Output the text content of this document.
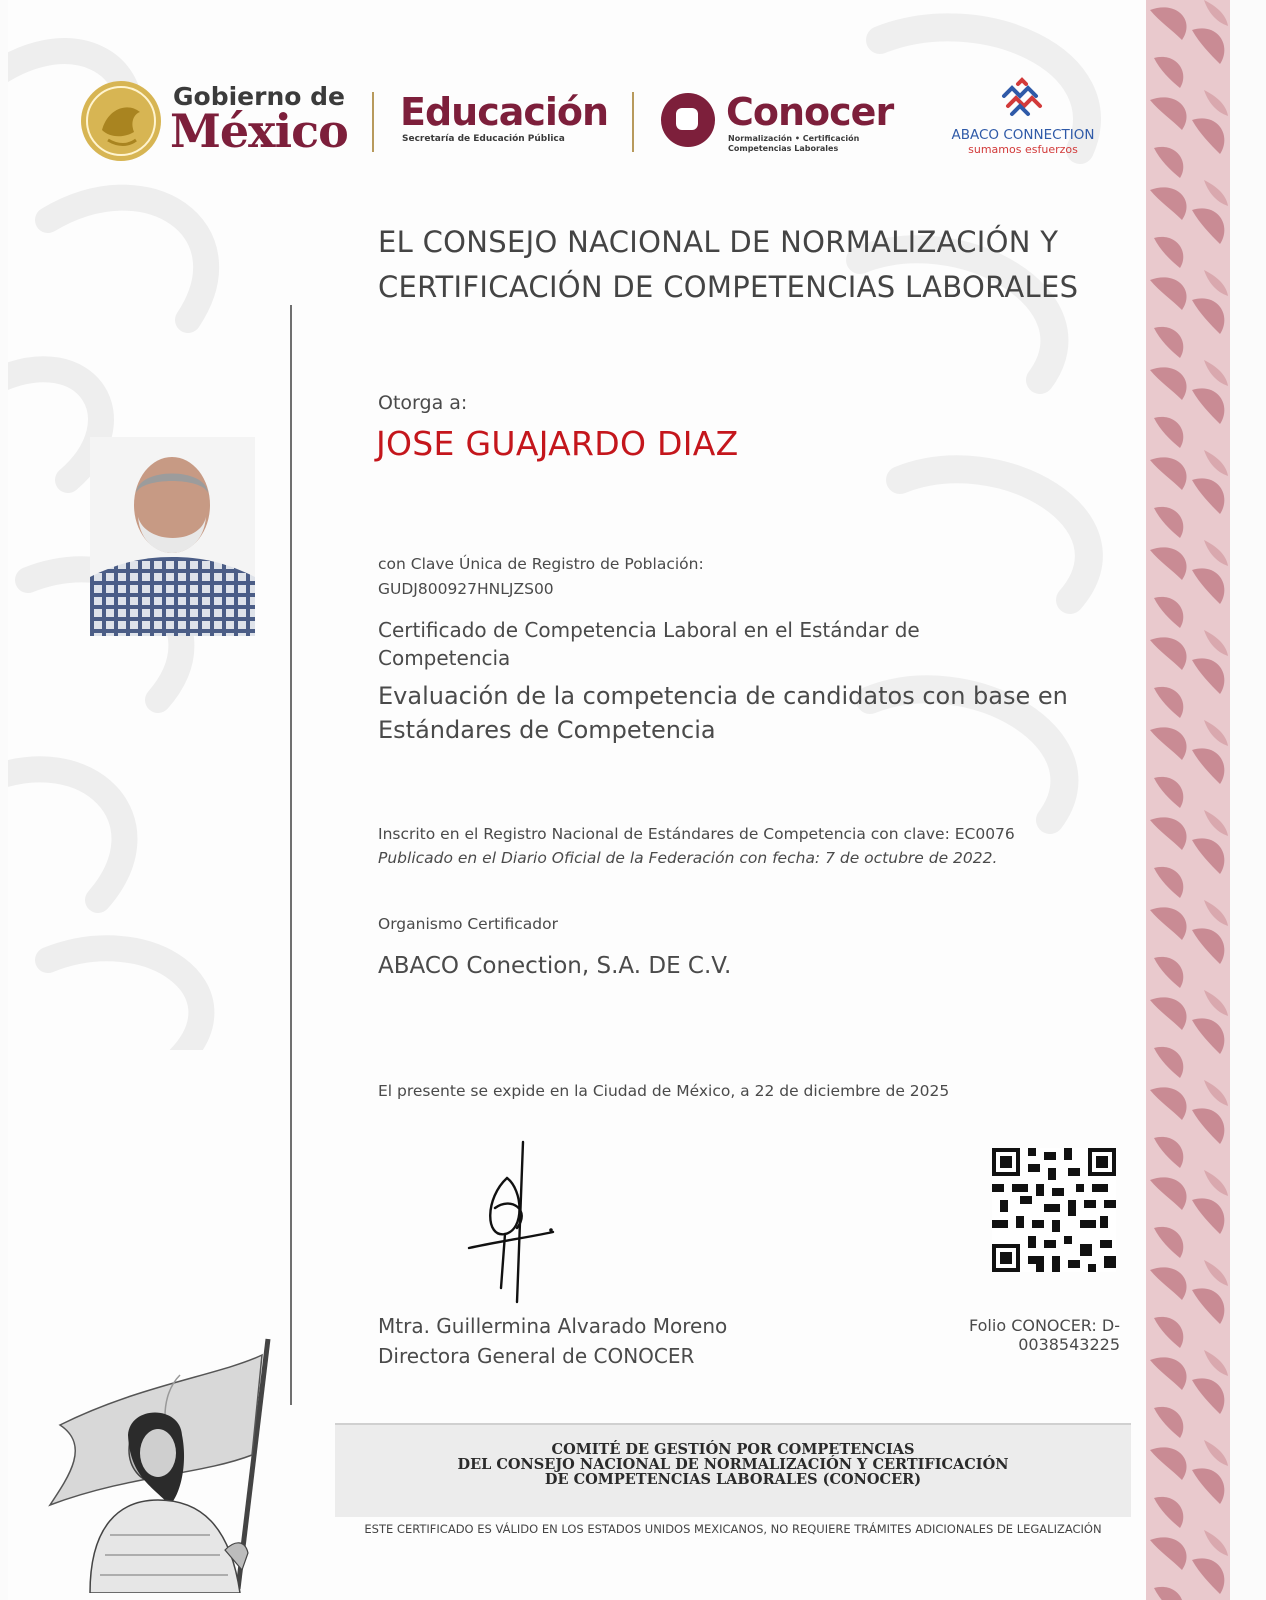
Gobierno de
México Educación
Secretaría de Educación Pública
Conocer
Normalización • Certificación
Competencias Laborales
ABACO CONNECTION
sumamos esfuerzos
EL CONSEJO NACIONAL DE NORMALIZACIÓN Y
CERTIFICACIÓN DE COMPETENCIAS LABORALES
Otorga a:
JOSE GUAJARDO DIAZ
con Clave Única de Registro de Población:
GUDJ800927HNLJZS00
Certificado de Competencia Laboral en el Estándar de
Competencia
Evaluación de la competencia de candidatos con base en
Estándares de Competencia
Inscrito en el Registro Nacional de Estándares de Competencia con clave: EC0076
Publicado en el Diario Oficial de la Federación con fecha: 7 de octubre de 2022.
Organismo Certificador
ABACO Conection, S.A. DE C.V.
El presente se expide en la Ciudad de México, a 22 de diciembre de 2025
Mtra. Guillermina Alvarado Moreno
Directora General de CONOCER
Folio CONOCER: D-0038543225
COMITÉ DE GESTIÓN POR COMPETENCIAS
DEL CONSEJO NACIONAL DE NORMALIZACIÓN Y CERTIFICACIÓN
DE COMPETENCIAS LABORALES (CONOCER)
ESTE CERTIFICADO ES VÁLIDO EN LOS ESTADOS UNIDOS MEXICANOS, NO REQUIERE TRÁMITES ADICIONALES DE LEGALIZACIÓN
